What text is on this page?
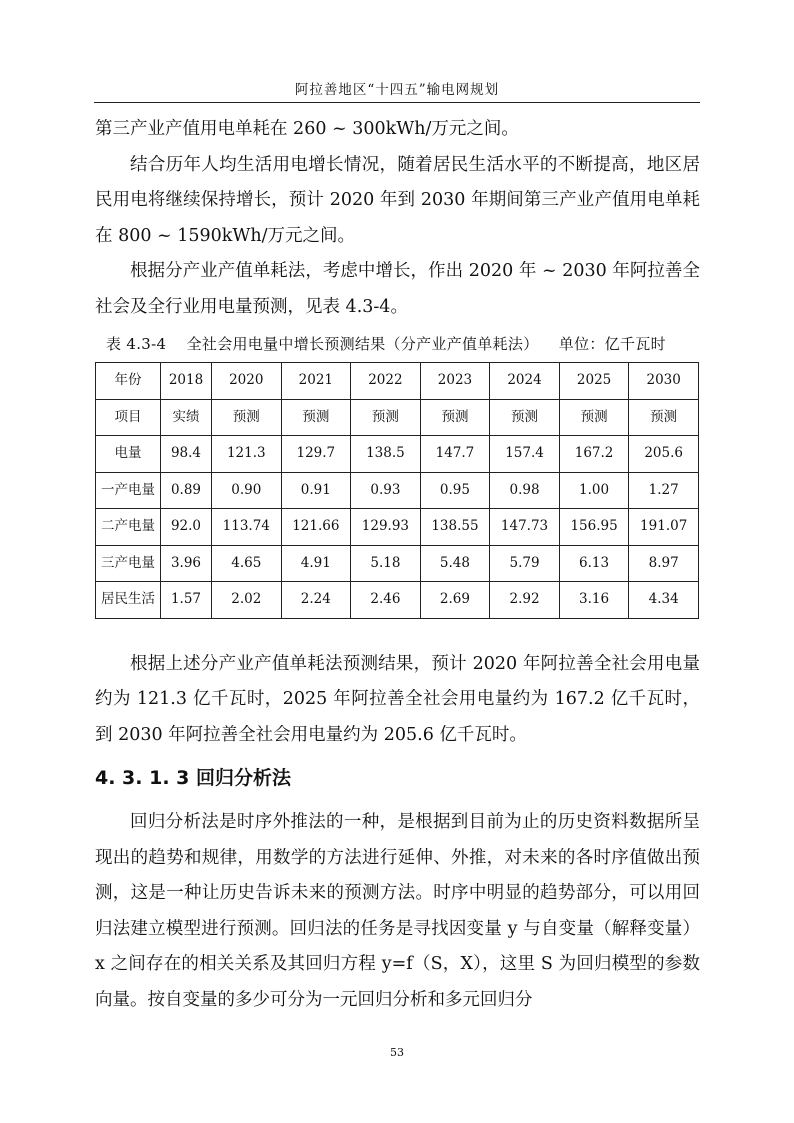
阿拉善地区“十四五”输电网规划

第三产业产值用电单耗在 260 ~ 300kWh/万元之间。

结合历年人均生活用电增长情况，随着居民生活水平的不断提高，地区居民用电将继续保持增长，预计 2020 年到 2030 年期间第三产业产值用电单耗在 800 ~ 1590kWh/万元之间。

根据分产业产值单耗法，考虑中增长，作出 2020 年 ~ 2030 年阿拉善全社会及全行业用电量预测，见表 4.3-4。

表 4.3-4    全社会用电量中增长预测结果（分产业产值单耗法）    单位：亿千瓦时
年份	2018	2020	2021	2022	2023	2024	2025	2030
项目	实绩	预测	预测	预测	预测	预测	预测	预测
电量	98.4	121.3	129.7	138.5	147.7	157.4	167.2	205.6
一产电量	0.89	0.90	0.91	0.93	0.95	0.98	1.00	1.27
二产电量	92.0	113.74	121.66	129.93	138.55	147.73	156.95	191.07
三产电量	3.96	4.65	4.91	5.18	5.48	5.79	6.13	8.97
居民生活	1.57	2.02	2.24	2.46	2.69	2.92	3.16	4.34

根据上述分产业产值单耗法预测结果，预计 2020 年阿拉善全社会用电量约为 121.3 亿千瓦时，2025 年阿拉善全社会用电量约为 167.2 亿千瓦时，到 2030 年阿拉善全社会用电量约为 205.6 亿千瓦时。

4. 3. 1. 3 回归分析法

回归分析法是时序外推法的一种，是根据到目前为止的历史资料数据所呈现出的趋势和规律，用数学的方法进行延伸、外推，对未来的各时序值做出预测，这是一种让历史告诉未来的预测方法。时序中明显的趋势部分，可以用回归法建立模型进行预测。回归法的任务是寻找因变量 y 与自变量（解释变量）x 之间存在的相关关系及其回归方程 y=f（S，X），这里 S 为回归模型的参数向量。按自变量的多少可分为一元回归分析和多元回归分

53
